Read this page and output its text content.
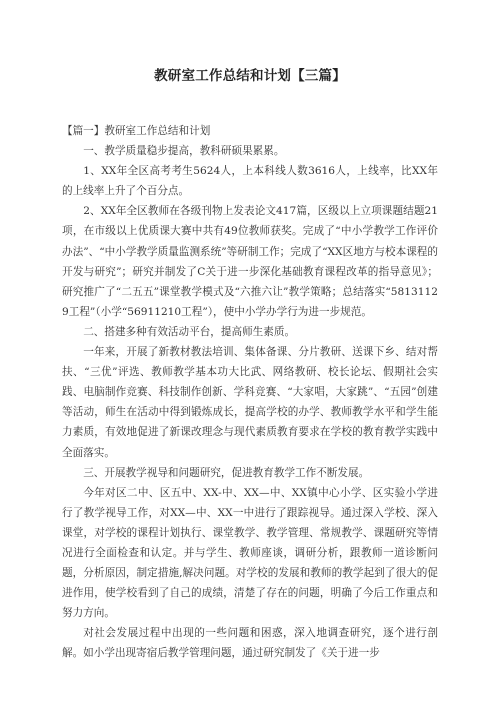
教研室工作总结和计划【三篇】

【篇一】教研室工作总结和计划

一、教学质量稳步提高，教科研硕果累累。

1、XX年全区高考考生5624人，上本科线人数3616人，上线率，比XX年的上线率上升了个百分点。

2、XX年全区教师在各级刊物上发表论文417篇，区级以上立项课题结题21项，在市级以上优质课大赛中共有49位教师获奖。完成了“中小学教学工作评价办法”、“中小学教学质量监测系统”等研制工作；完成了“XX区地方与校本课程的开发与研究”；研究并制发了C关于进一步深化基础教育课程改革的指导意见》；研究推广了“二五五”课堂教学模式及“六推六让”教学策略；总结落实“58131129工程”（小学“56911210工程”），使中小学办学行为进一步规范。

二、搭建多种有效活动平台，提高师生素质。

一年来，开展了新教材教法培训、集体备课、分片教研、送课下乡、结对帮扶、“三优”评选、教师教学基本功大比武、网络教研、校长论坛、假期社会实践、电脑制作竞赛、科技制作创新、学科竞赛、“大家唱，大家跳”、“五园”创建等活动，师生在活动中得到锻炼成长，提高学校的办学、教师教学水平和学生能力素质，有效地促进了新课改理念与现代素质教育要求在学校的教育教学实践中全面落实。

三、开展教学视导和问题研究，促进教育教学工作不断发展。

今年对区二中、区五中、XX-中、XX—中、XX镇中心小学、区实验小学进行了教学视导工作，对XX—中、XX一中进行了跟踪视导。通过深入学校、深入课堂，对学校的课程计划执行、课堂教学、教学管理、常规教学、课题研究等情况进行全面检查和认定。并与学生、教师座谈，调研分析，跟教师一道诊断问题，分析原因，制定措施,解决问题。对学校的发展和教师的教学起到了很大的促进作用，使学校看到了自己的成绩，清楚了存在的问题，明确了今后工作重点和努力方向。

对社会发展过程中出现的一些问题和困惑，深入地调查研究，逐个进行剖解。如小学出现寄宿后教学管理问题，通过研究制发了《关于进一步
